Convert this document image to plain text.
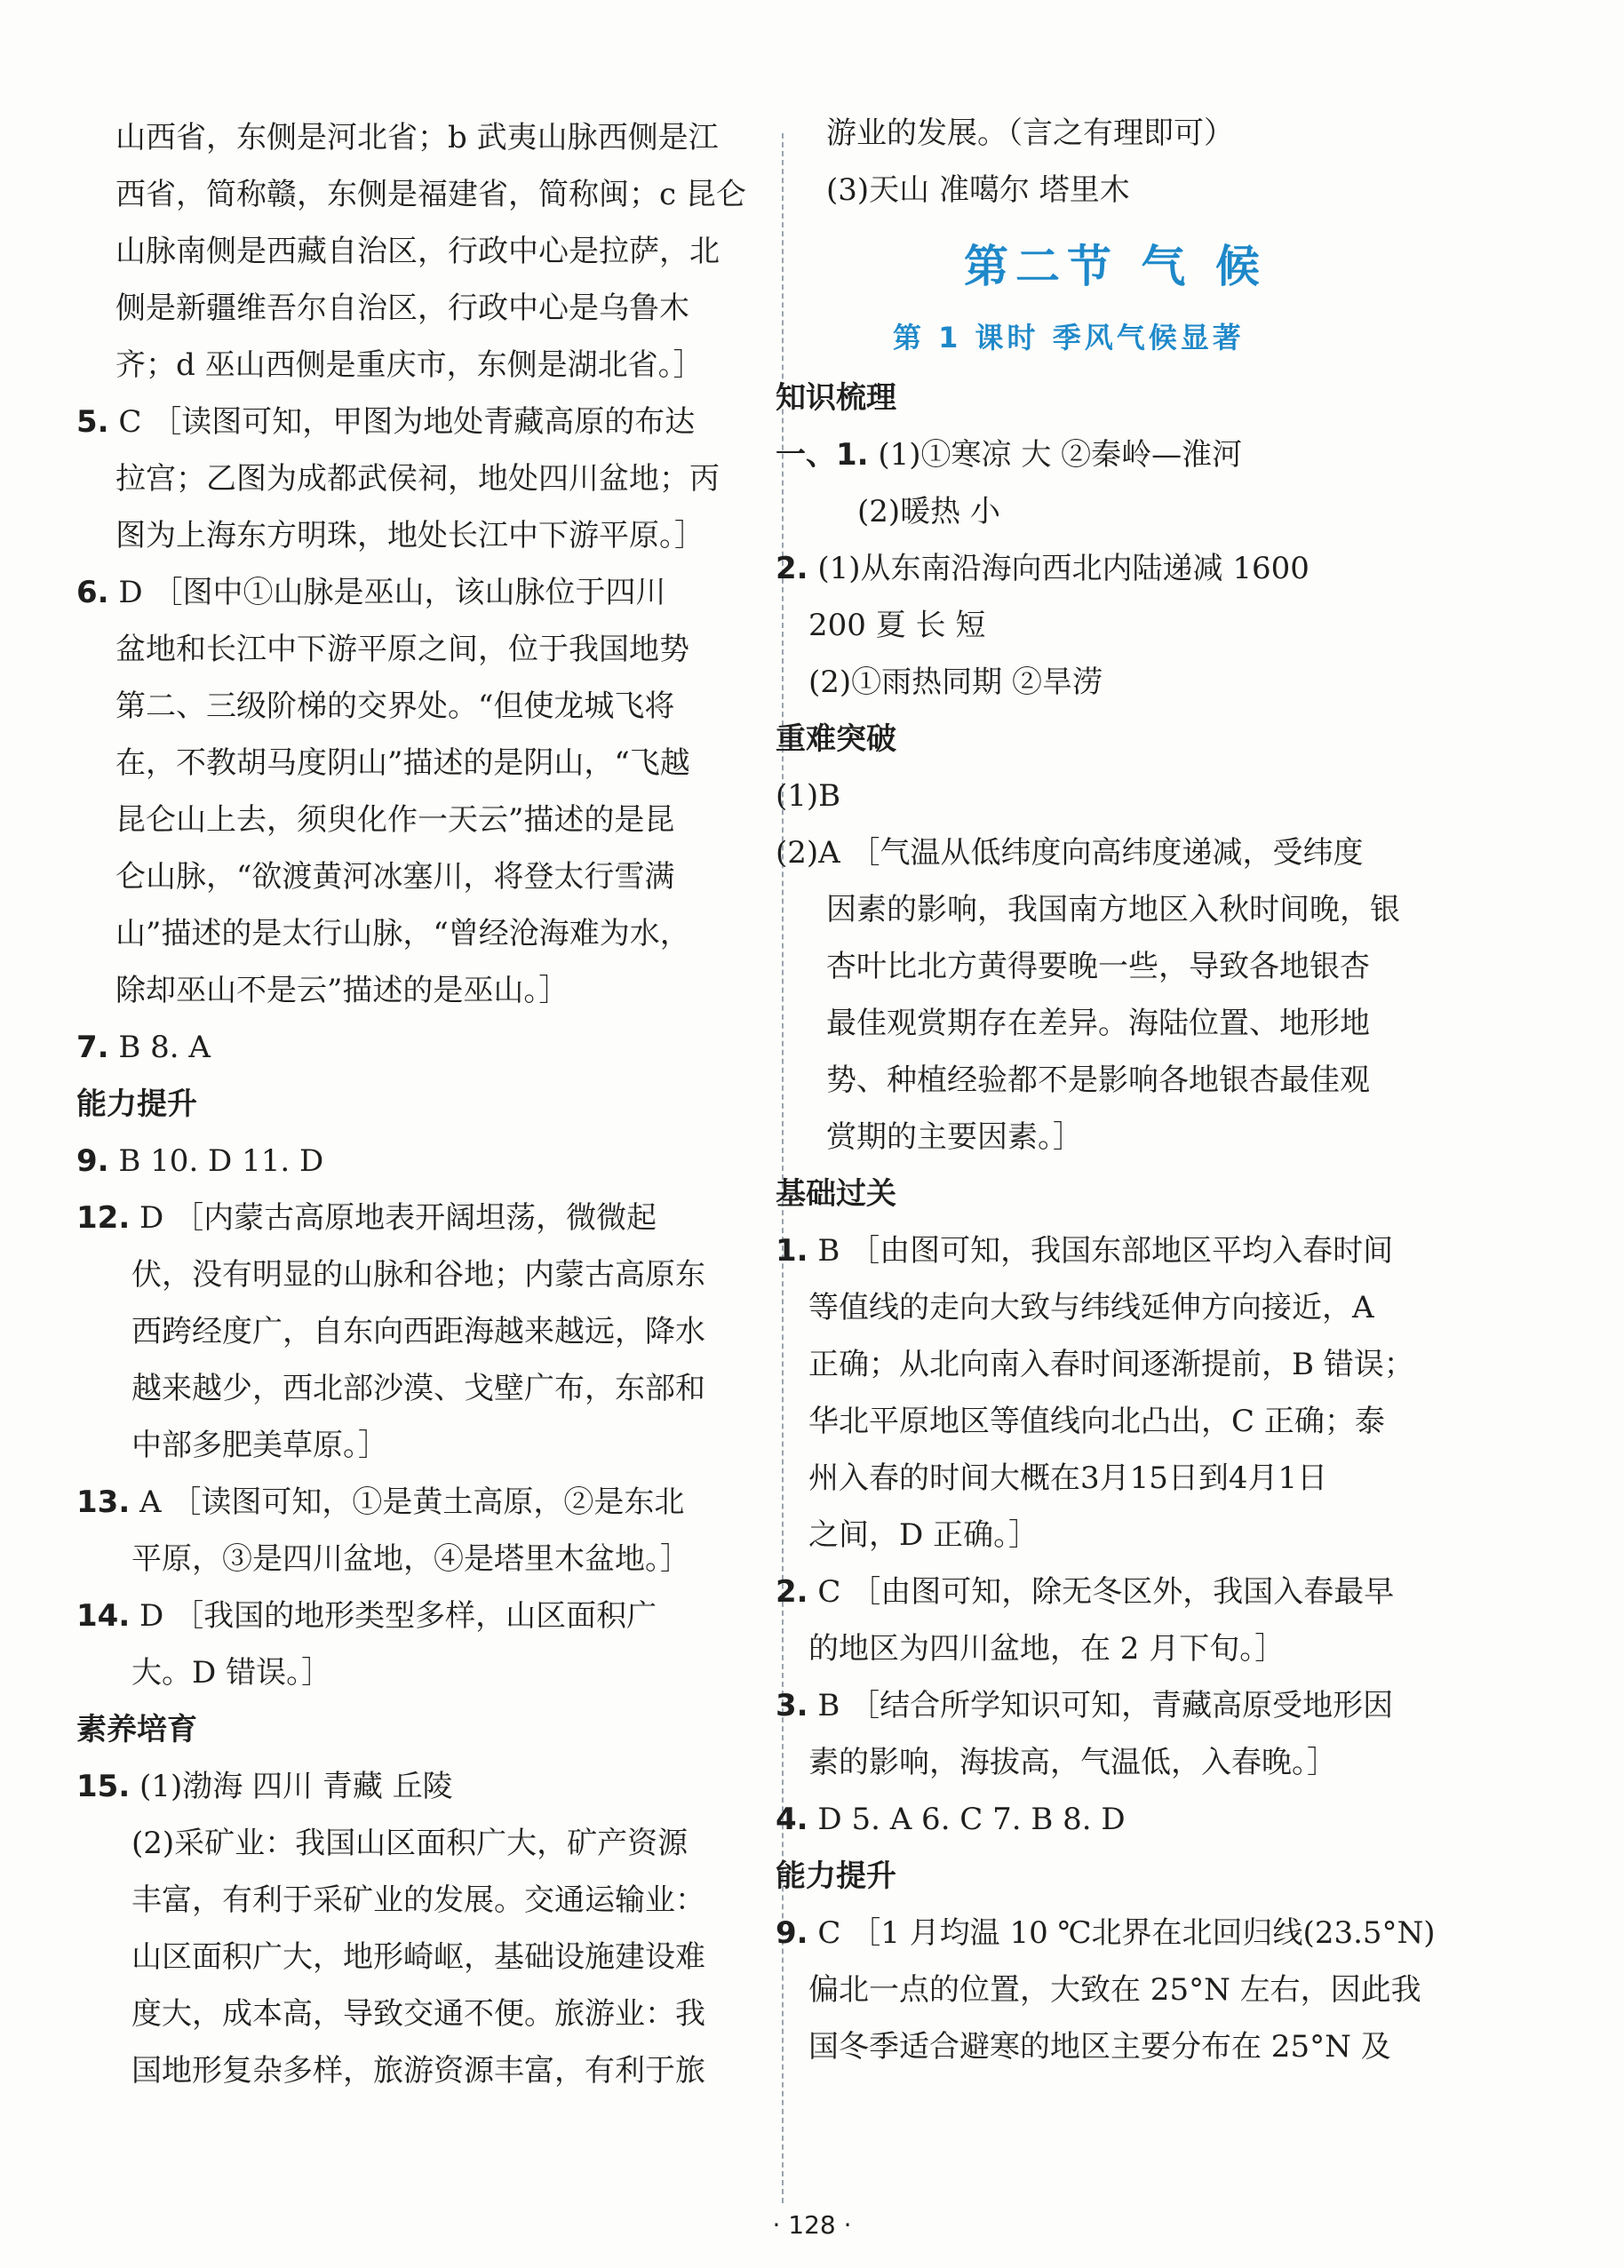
山西省，东侧是河北省；b 武夷山脉西侧是江
西省，简称赣，东侧是福建省，简称闽；c 昆仑
山脉南侧是西藏自治区，行政中心是拉萨，北
侧是新疆维吾尔自治区，行政中心是乌鲁木
齐；d 巫山西侧是重庆市，东侧是湖北省。］
5. C ［读图可知，甲图为地处青藏高原的布达
拉宫；乙图为成都武侯祠，地处四川盆地；丙
图为上海东方明珠，地处长江中下游平原。］
6. D ［图中①山脉是巫山，该山脉位于四川
盆地和长江中下游平原之间，位于我国地势
第二、三级阶梯的交界处。“但使龙城飞将
在，不教胡马度阴山”描述的是阴山，“飞越
昆仑山上去，须臾化作一天云”描述的是昆
仑山脉，“欲渡黄河冰塞川，将登太行雪满
山”描述的是太行山脉，“曾经沧海难为水，
除却巫山不是云”描述的是巫山。］
7. B 8. A
能力提升
9. B 10. D 11. D
12. D ［内蒙古高原地表开阔坦荡，微微起
伏，没有明显的山脉和谷地；内蒙古高原东
西跨经度广，自东向西距海越来越远，降水
越来越少，西北部沙漠、戈壁广布，东部和
中部多肥美草原。］
13. A ［读图可知，①是黄土高原，②是东北
平原，③是四川盆地，④是塔里木盆地。］
14. D ［我国的地形类型多样，山区面积广
大。D 错误。］
素养培育
15. (1)渤海 四川 青藏 丘陵
(2)采矿业：我国山区面积广大，矿产资源
丰富，有利于采矿业的发展。交通运输业：
山区面积广大，地形崎岖，基础设施建设难
度大，成本高，导致交通不便。旅游业：我
国地形复杂多样，旅游资源丰富，有利于旅
游业的发展。（言之有理即可）
(3)天山 准噶尔 塔里木
第二节 气 候
第 1 课时 季风气候显著
知识梳理
一、1. (1)①寒凉 大 ②秦岭—淮河
(2)暖热 小
2. (1)从东南沿海向西北内陆递减 1600
200 夏 长 短
(2)①雨热同期 ②旱涝
重难突破
(1)B
(2)A ［气温从低纬度向高纬度递减，受纬度
因素的影响，我国南方地区入秋时间晚，银
杏叶比北方黄得要晚一些，导致各地银杏
最佳观赏期存在差异。海陆位置、地形地
势、种植经验都不是影响各地银杏最佳观
赏期的主要因素。］
基础过关
1. B ［由图可知，我国东部地区平均入春时间
等值线的走向大致与纬线延伸方向接近，A
正确；从北向南入春时间逐渐提前，B 错误；
华北平原地区等值线向北凸出，C 正确；泰
州入春的时间大概在3月15日到4月1日
之间，D 正确。］
2. C ［由图可知，除无冬区外，我国入春最早
的地区为四川盆地，在 2 月下旬。］
3. B ［结合所学知识可知，青藏高原受地形因
素的影响，海拔高，气温低，入春晚。］
4. D 5. A 6. C 7. B 8. D
能力提升
9. C ［1 月均温 10 ℃北界在北回归线(23.5°N)
偏北一点的位置，大致在 25°N 左右，因此我
国冬季适合避寒的地区主要分布在 25°N 及
· 128 ·
